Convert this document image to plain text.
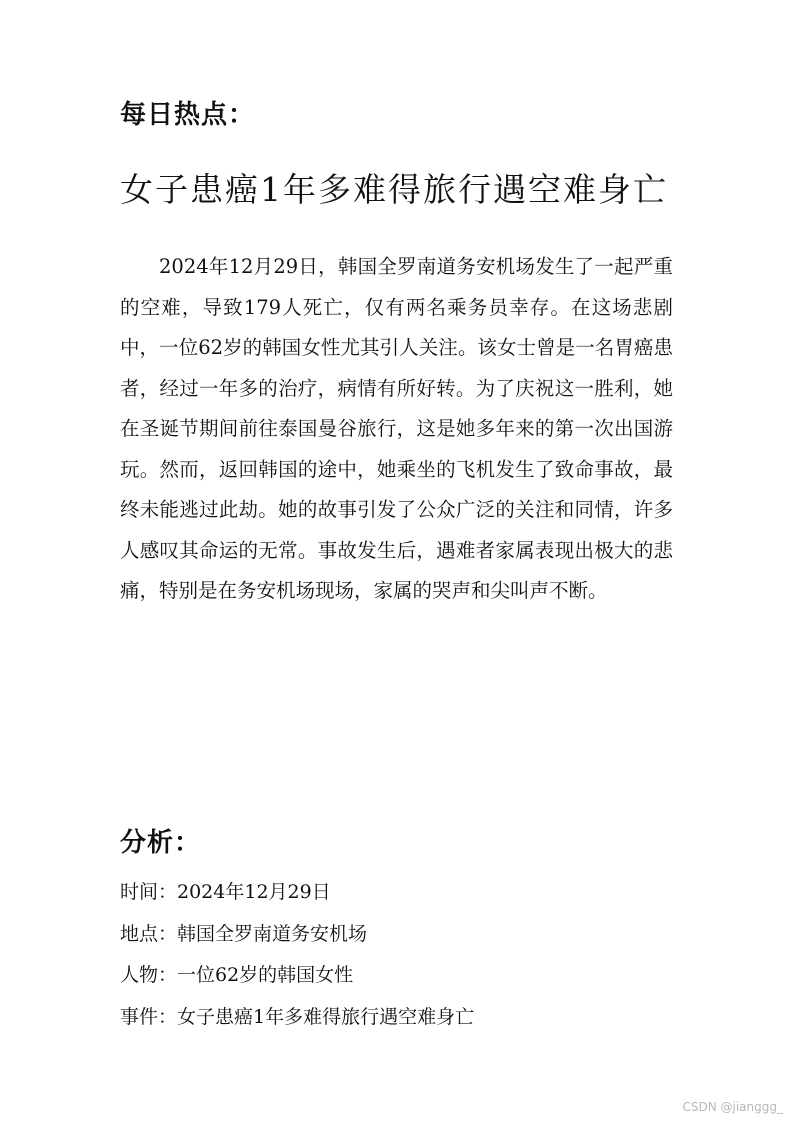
每日热点：
女子患癌1年多难得旅行遇空难身亡

2024年12月29日，韩国全罗南道务安机场发生了一起严重的空难，导致179人死亡，仅有两名乘务员幸存。在这场悲剧中，一位62岁的韩国女性尤其引人关注。该女士曾是一名胃癌患者，经过一年多的治疗，病情有所好转。为了庆祝这一胜利，她在圣诞节期间前往泰国曼谷旅行，这是她多年来的第一次出国游玩。然而，返回韩国的途中，她乘坐的飞机发生了致命事故，最终未能逃过此劫。她的故事引发了公众广泛的关注和同情，许多人感叹其命运的无常。事故发生后，遇难者家属表现出极大的悲痛，特别是在务安机场现场，家属的哭声和尖叫声不断。

分析：
时间：2024年12月29日
地点：韩国全罗南道务安机场
人物：一位62岁的韩国女性
事件：女子患癌1年多难得旅行遇空难身亡
CSDN @jianggg_
